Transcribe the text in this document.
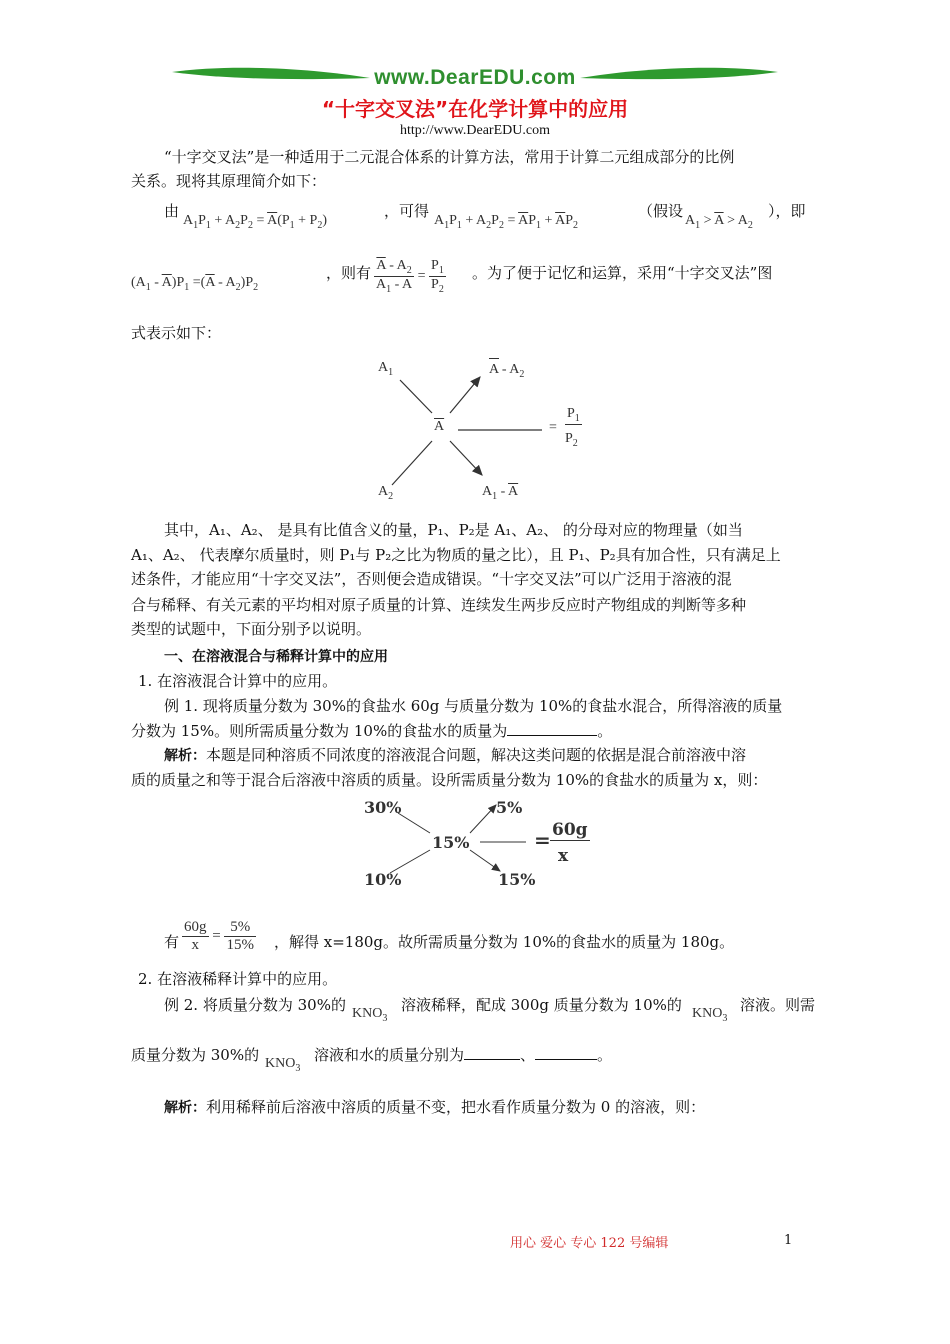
www.DearEDU.com
“十字交叉法”在化学计算中的应用
http://www.DearEDU.com
“十字交叉法”是一种适用于二元混合体系的计算方法，常用于计算二元组成部分的比例
关系。现将其原理简介如下：
由
$A_1P_1 + A_2P_2 = \overline{A}(P_1 + P_2)$
，可得
$A_1P_1 + A_2P_2 = \overline{A}P_1 + \overline{A}P_2$
（假设
$A_1 > \overline{A} > A_2$
），即
$(A_1 - \overline{A})P_1 =(\overline{A} - A_2)P_2$
，则有 $\frac{\overline{A} - A_2}{A_1 - \overline{A}} = \frac{P_1}{P_2}$ 。为了便于记忆和运算，采用“十字交叉法”图
式表示如下：
$A_1$
$A_2$
$\overline{A}$
A - $A_2$
$A_1 - \overline{A}$
=
$P_1$
$P_2$
其中，A₁、A₂、 是具有比值含义的量，P₁、P₂是 A₁、A₂、 的分母对应的物理量（如当
A₁、A₂、 代表摩尔质量时，则 P₁与 P₂之比为物质的量之比），且 P₁、P₂具有加合性，只有满足上
述条件，才能应用“十字交叉法”，否则便会造成错误。“十字交叉法”可以广泛用于溶液的混
合与稀释、有关元素的平均相对原子质量的计算、连续发生两步反应时产物组成的判断等多种
类型的试题中，下面分别予以说明。
一、在溶液混合与稀释计算中的应用
1. 在溶液混合计算中的应用。
例 1. 现将质量分数为 30%的食盐水 60g 与质量分数为 10%的食盐水混合，所得溶液的质量
分数为 15%。则所需质量分数为 10%的食盐水的质量为	。
解析：本题是同种溶质不同浓度的溶液混合问题，解决这类问题的依据是混合前溶液中溶
质的质量之和等于混合后溶液中溶质的质量。设所需质量分数为 10%的食盐水的质量为 x，则：
30%
10%
15%
5%
15%
= 60g
x
有 $\frac{60g}{x} = \frac{5\%}{15\%}$ ，解得 x=180g。故所需质量分数为 10%的食盐水的质量为 180g。
2. 在溶液稀释计算中的应用。
例 2. 将质量分数为 30%的 $KNO_3$
溶液稀释，配成 300g 质量分数为 10%的 $KNO_3$
溶液。则需
质量分数为 30%的 $KNO_3$
溶液和水的质量分别为	、	。
解析：利用稀释前后溶液中溶质的质量不变，把水看作质量分数为 0 的溶液，则：
用心 爱心 专心 122 号编辑	1
